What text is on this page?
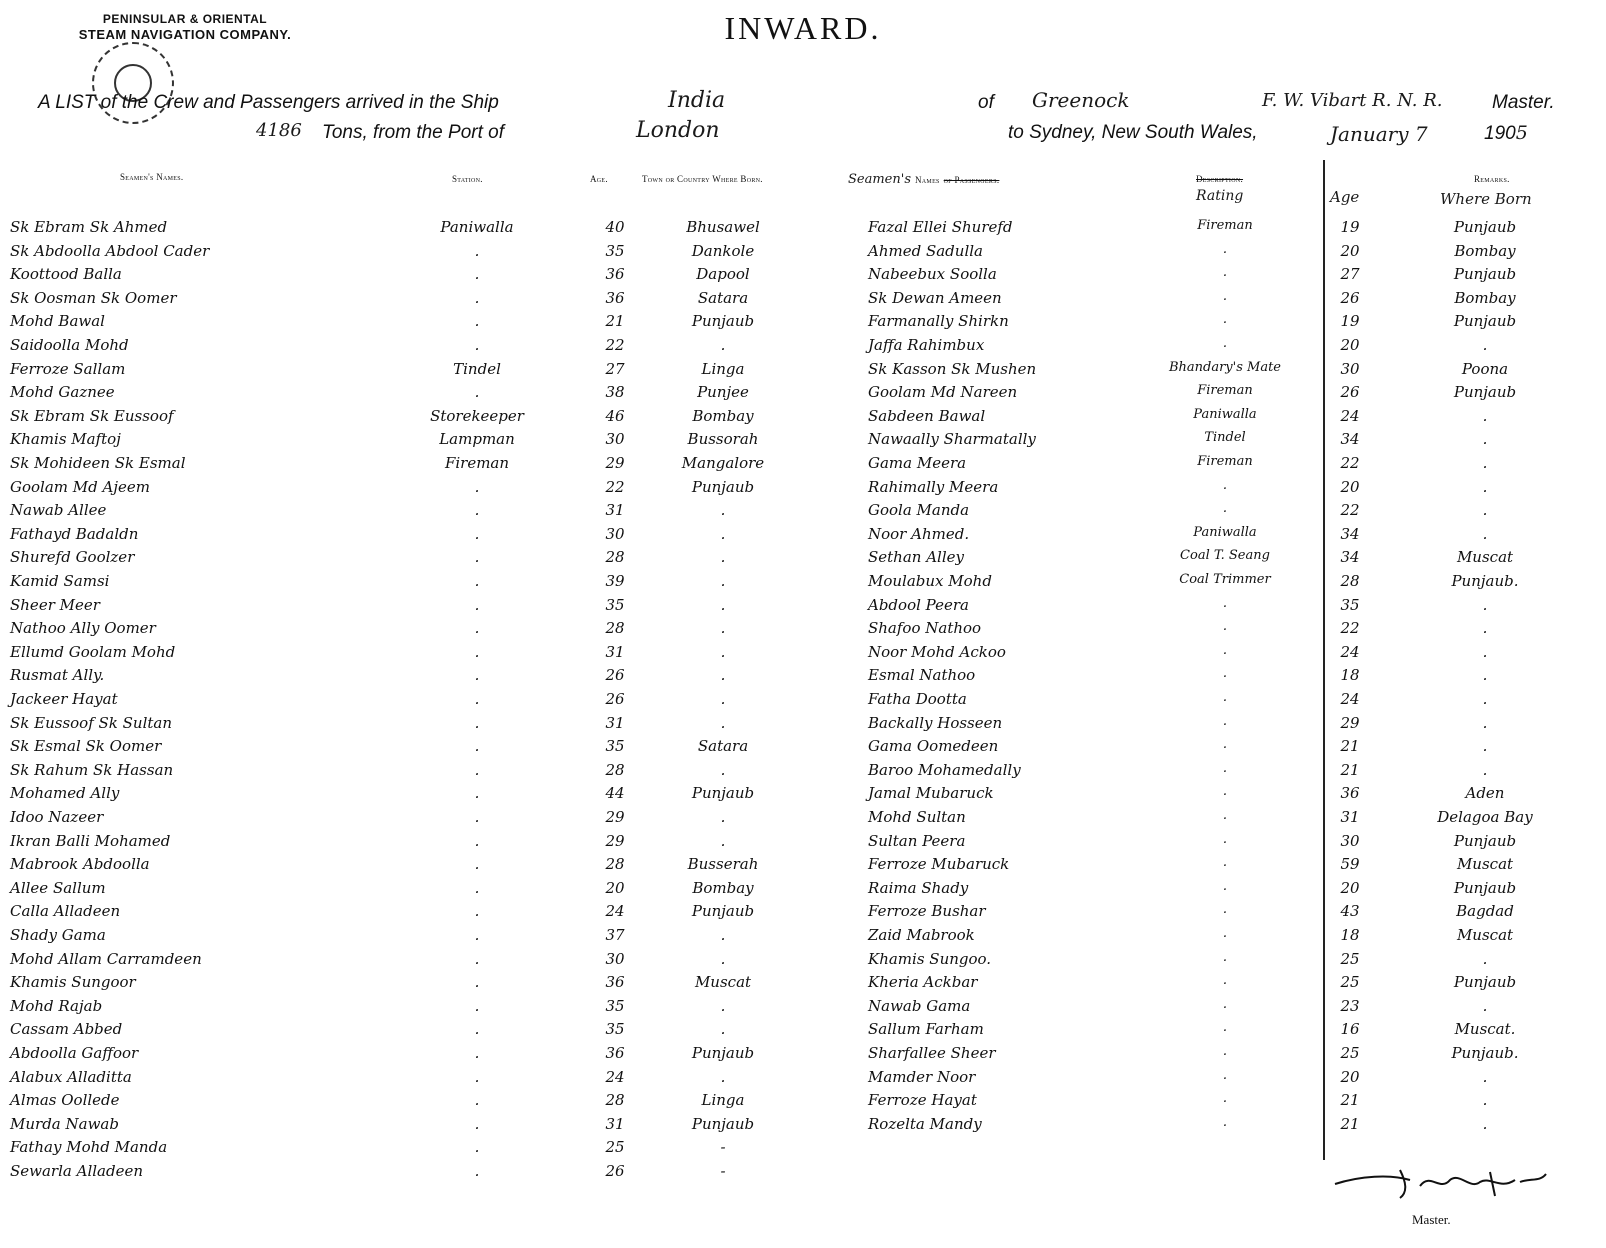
PENINSULAR & ORIENTAL
STEAM NAVIGATION COMPANY.	INWARD.
A LIST of the Crew and Passengers arrived in the Ship	India	of Greenock	F. W. Vibart R. N. R.	Master.
4186 Tons, from the Port of	London	to Sydney, New South Wales,	January 7	1905
Seamen's Names.	Station.	Age.	Town or Country Where Born.	Seamen's Names of Passengers.	Description.
Rating	Age
Remarks.
Where Born
Sk Ebram Sk Ahmed	Paniwalla	40	Bhusawel	Fazal Ellei Shurefd	Fireman	19	Punjaub
Sk Abdoolla Abdool Cader	.	35	Dankole	Ahmed Sadulla	.	20	Bombay
Koottood Balla	.	36	Dapool	Nabeebux Soolla	.	27	Punjaub
Sk Oosman Sk Oomer	.	36	Satara	Sk Dewan Ameen	.	26	Bombay
Mohd Bawal	.	21	Punjaub	Farmanally Shirkn	.	19	Punjaub
Saidoolla Mohd	.	22	.	Jaffa Rahimbux	.	20	.
Ferroze Sallam	Tindel	27	Linga	Sk Kasson Sk Mushen	Bhandary's Mate	30	Poona
Mohd Gaznee	.	38	Punjee	Goolam Md Nareen	Fireman	26	Punjaub
Sk Ebram Sk Eussoof	Storekeeper	46	Bombay	Sabdeen Bawal	Paniwalla	24	.
Khamis Maftoj	Lampman	30	Bussorah	Nawaally Sharmatally	Tindel	34	.
Sk Mohideen Sk Esmal	Fireman	29	Mangalore	Gama Meera	Fireman	22	.
Goolam Md Ajeem	.	22	Punjaub	Rahimally Meera	.	20	.
Nawab Allee	.	31	.	Goola Manda	.	22	.
Fathayd Badaldn	.	30	.	Noor Ahmed.	Paniwalla	34	.
Shurefd Goolzer	.	28	.	Sethan Alley	Coal T. Seang	34	Muscat
Kamid Samsi	.	39	.	Moulabux Mohd	Coal Trimmer	28	Punjaub.
Sheer Meer	.	35	.	Abdool Peera	.	35	.
Nathoo Ally Oomer	.	28	.	Shafoo Nathoo	.	22	.
Ellumd Goolam Mohd	.	31	.	Noor Mohd Ackoo	.	24	.
Rusmat Ally.	.	26	.	Esmal Nathoo	.	18	.
Jackeer Hayat	.	26	.	Fatha Dootta	.	24	.
Sk Eussoof Sk Sultan	.	31	.	Backally Hosseen	.	29	.
Sk Esmal Sk Oomer	.	35	Satara	Gama Oomedeen	.	21	.
Sk Rahum Sk Hassan	.	28	.	Baroo Mohamedally	.	21	.
Mohamed Ally	.	44	Punjaub	Jamal Mubaruck	.	36	Aden
Idoo Nazeer	.	29	.	Mohd Sultan	.	31	Delagoa Bay
Ikran Balli Mohamed	.	29	.	Sultan Peera	.	30	Punjaub
Mabrook Abdoolla	.	28	Busserah	Ferroze Mubaruck	.	59	Muscat
Allee Sallum	.	20	Bombay	Raima Shady	.	20	Punjaub
Calla Alladeen	.	24	Punjaub	Ferroze Bushar	.	43	Bagdad
Shady Gama	.	37	.	Zaid Mabrook	.	18	Muscat
Mohd Allam Carramdeen	.	30	.	Khamis Sungoo.	.	25	.
Khamis Sungoor	.	36	Muscat	Kheria Ackbar	.	25	Punjaub
Mohd Rajab	.	35	.	Nawab Gama	.	23	.
Cassam Abbed	.	35	.	Sallum Farham	.	16	Muscat.
Abdoolla Gaffoor	.	36	Punjaub	Sharfallee Sheer	.	25	Punjaub.
Alabux Alladitta	.	24	.	Mamder Noor	.	20	.
Almas Oollede	.	28	Linga	Ferroze Hayat	.	21	.
Murda Nawab	.	31	Punjaub	Rozelta Mandy	.	21	.
Fathay Mohd Manda	.	25	-
Sewarla Alladeen	.	26	-
Master.
